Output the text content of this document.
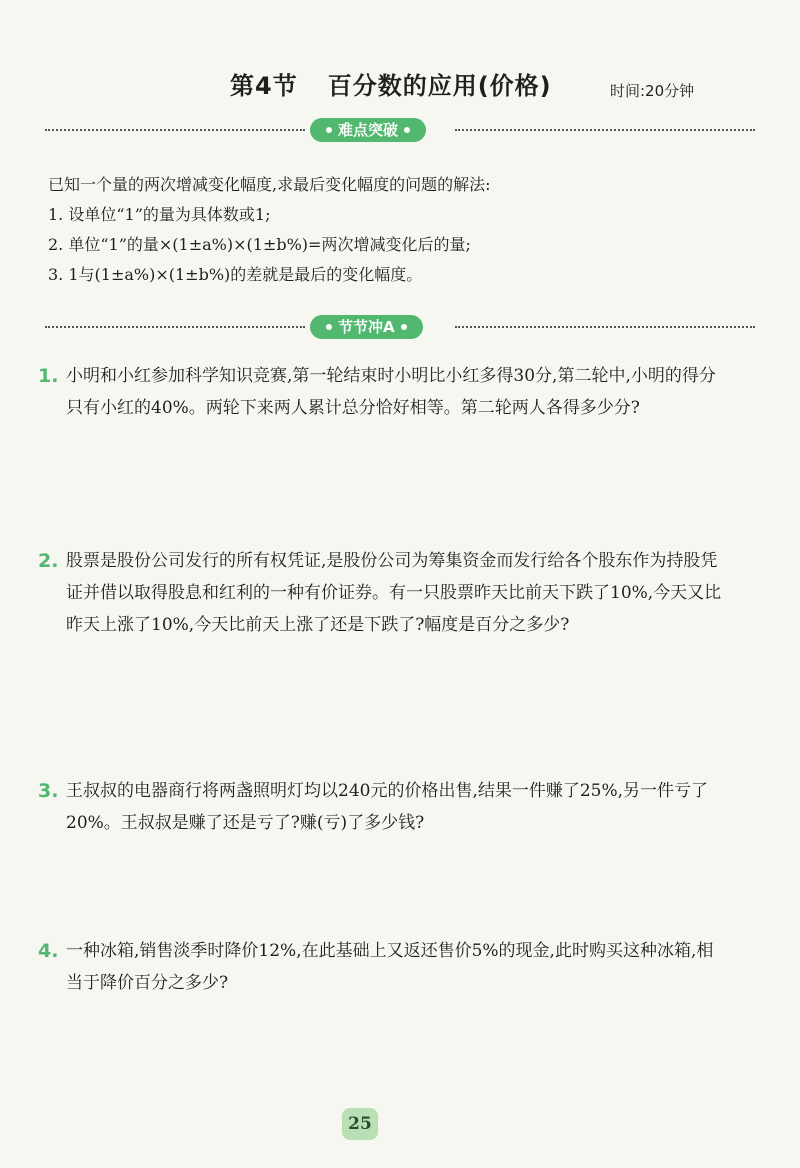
第4节 百分数的应用(价格)	时间:20分钟
难点突破

已知一个量的两次增减变化幅度,求最后变化幅度的问题的解法:

1. 设单位“1”的量为具体数或1;

2. 单位“1”的量×(1±a%)×(1±b%)=两次增减变化后的量;

3. 1与(1±a%)×(1±b%)的差就是最后的变化幅度。

节节冲A
1. 小明和小红参加科学知识竞赛,第一轮结束时小明比小红多得30分,第二轮中,小明的得分只有小红的40%。两轮下来两人累计总分恰好相等。第二轮两人各得多少分?
2. 股票是股份公司发行的所有权凭证,是股份公司为筹集资金而发行给各个股东作为持股凭证并借以取得股息和红利的一种有价证券。有一只股票昨天比前天下跌了10%,今天又比昨天上涨了10%,今天比前天上涨了还是下跌了?幅度是百分之多少?
3. 王叔叔的电器商行将两盏照明灯均以240元的价格出售,结果一件赚了25%,另一件亏了20%。王叔叔是赚了还是亏了?赚(亏)了多少钱?
4. 一种冰箱,销售淡季时降价12%,在此基础上又返还售价5%的现金,此时购买这种冰箱,相当于降价百分之多少?
25
